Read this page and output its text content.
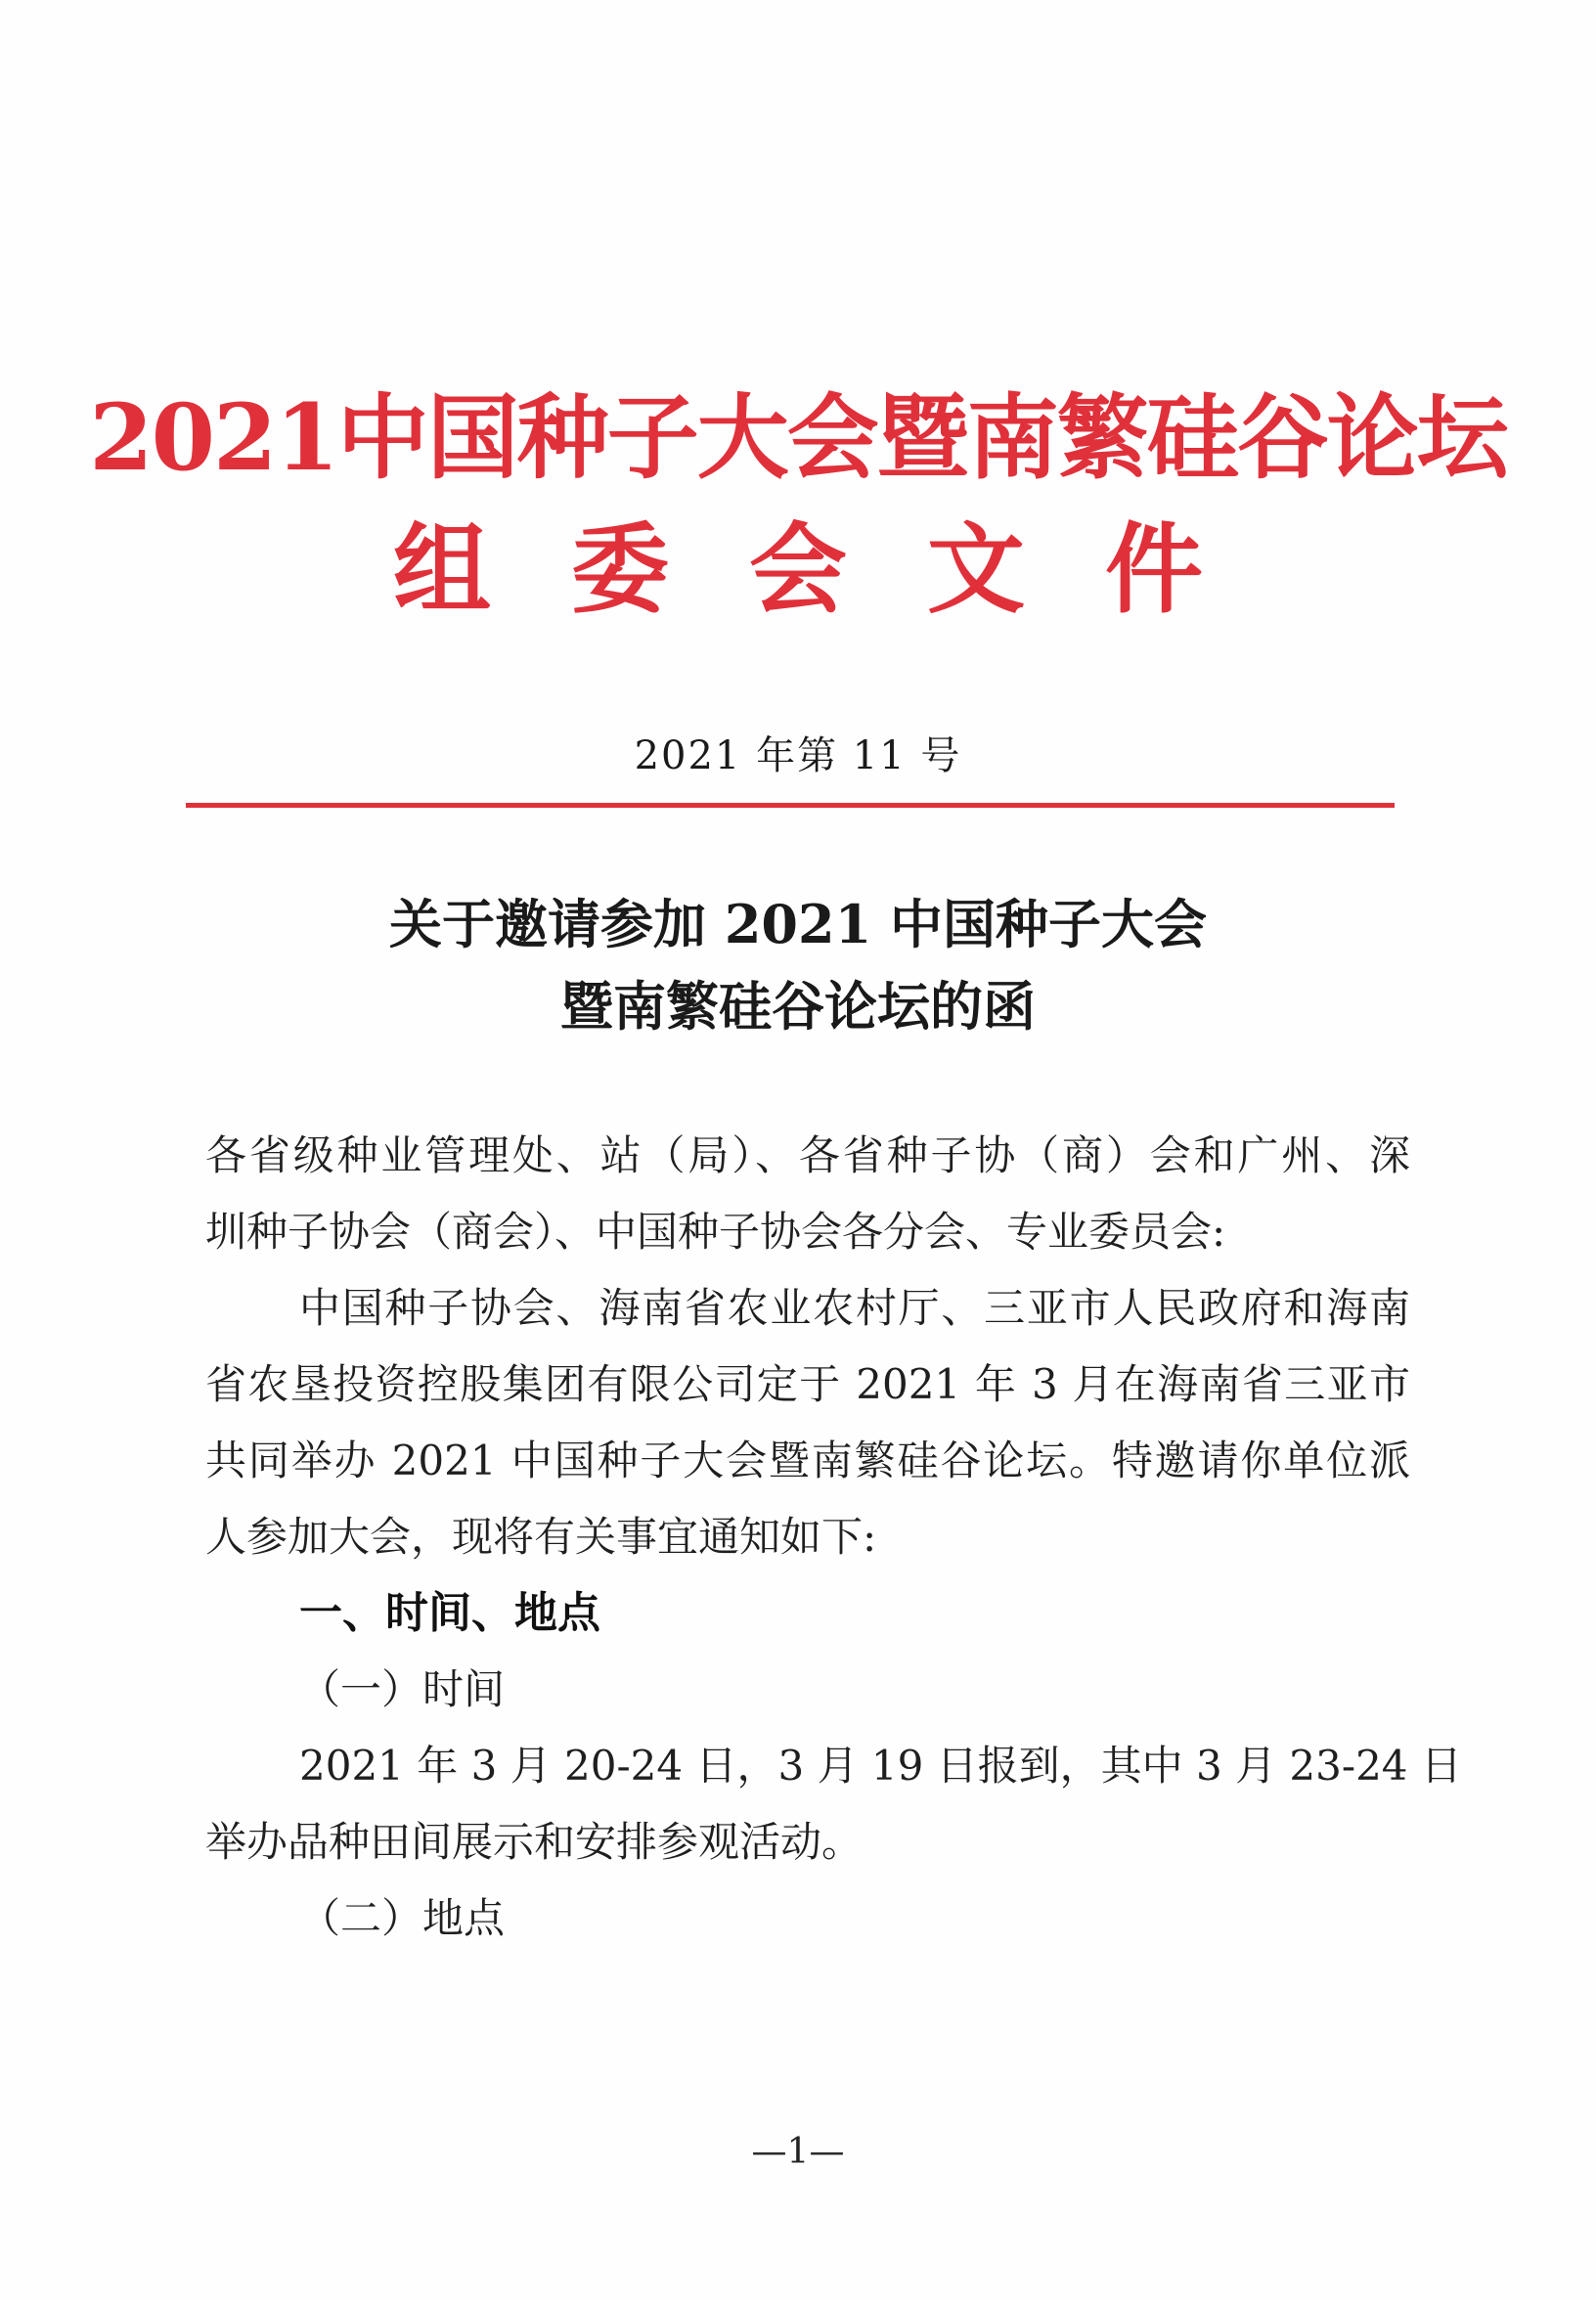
2021中国种子大会暨南繁硅谷论坛
组委会文件
2021 年第 11 号
关于邀请参加 2021 中国种子大会
暨南繁硅谷论坛的函
各省级种业管理处、站（局）、各省种子协（商）会和广州、深
圳种子协会（商会）、中国种子协会各分会、专业委员会:
中国种子协会、海南省农业农村厅、三亚市人民政府和海南
省农垦投资控股集团有限公司定于 2021 年 3 月在海南省三亚市
共同举办 2021 中国种子大会暨南繁硅谷论坛。特邀请你单位派
人参加大会，现将有关事宜通知如下:
一、时间、地点
（一）时间
2021 年 3 月 20-24 日，3 月 19 日报到，其中 3 月 23-24 日
举办品种田间展示和安排参观活动。
（二）地点
—1—
